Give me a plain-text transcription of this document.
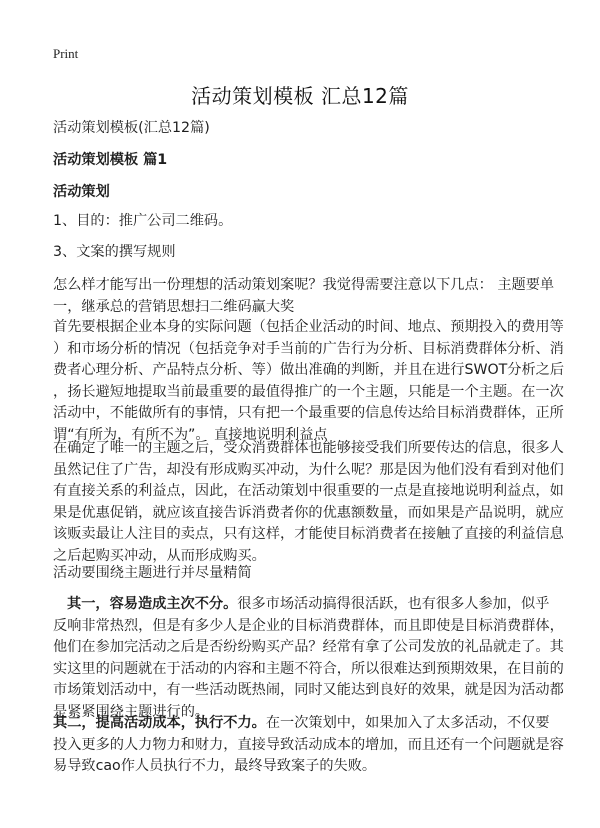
Print
活动策划模板 汇总12篇
活动策划模板(汇总12篇)
活动策划模板 篇1
活动策划
1、目的：推广公司二维码。
3、文案的撰写规则
怎么样才能写出一份理想的活动策划案呢？我觉得需要注意以下几点： 主题要单
一，继承总的营销思想扫二维码赢大奖
首先要根据企业本身的实际问题（包括企业活动的时间、地点、预期投入的费用等
）和市场分析的情况（包括竞争对手当前的广告行为分析、目标消费群体分析、消
费者心理分析、产品特点分析、等）做出准确的判断，并且在进行SWOT分析之后
，扬长避短地提取当前最重要的最值得推广的一个主题，只能是一个主题。在一次
活动中，不能做所有的事情，只有把一个最重要的信息传达给目标消费群体，正所
谓“有所为，有所不为”。 直接地说明利益点
在确定了唯一的主题之后，受众消费群体也能够接受我们所要传达的信息，很多人
虽然记住了广告，却没有形成购买冲动，为什么呢？那是因为他们没有看到对他们
有直接关系的利益点，因此，在活动策划中很重要的一点是直接地说明利益点，如
果是优惠促销，就应该直接告诉消费者你的优惠额数量，而如果是产品说明，就应
该贩卖最让人注目的卖点，只有这样，才能使目标消费者在接触了直接的利益信息
之后起购买冲动，从而形成购买。
活动要围绕主题进行并尽量精简
其一，容易造成主次不分。很多市场活动搞得很活跃，也有很多人参加，似乎
反响非常热烈，但是有多少人是企业的目标消费群体，而且即使是目标消费群体，
他们在参加完活动之后是否纷纷购买产品？经常有拿了公司发放的礼品就走了。其
实这里的问题就在于活动的内容和主题不符合，所以很难达到预期效果，在目前的
市场策划活动中，有一些活动既热闹，同时又能达到良好的效果，就是因为活动都
是紧紧围绕主题进行的。
其二，提高活动成本，执行不力。在一次策划中，如果加入了太多活动，不仅要
投入更多的人力物力和财力，直接导致活动成本的增加，而且还有一个问题就是容
易导致cao作人员执行不力，最终导致案子的失败。
